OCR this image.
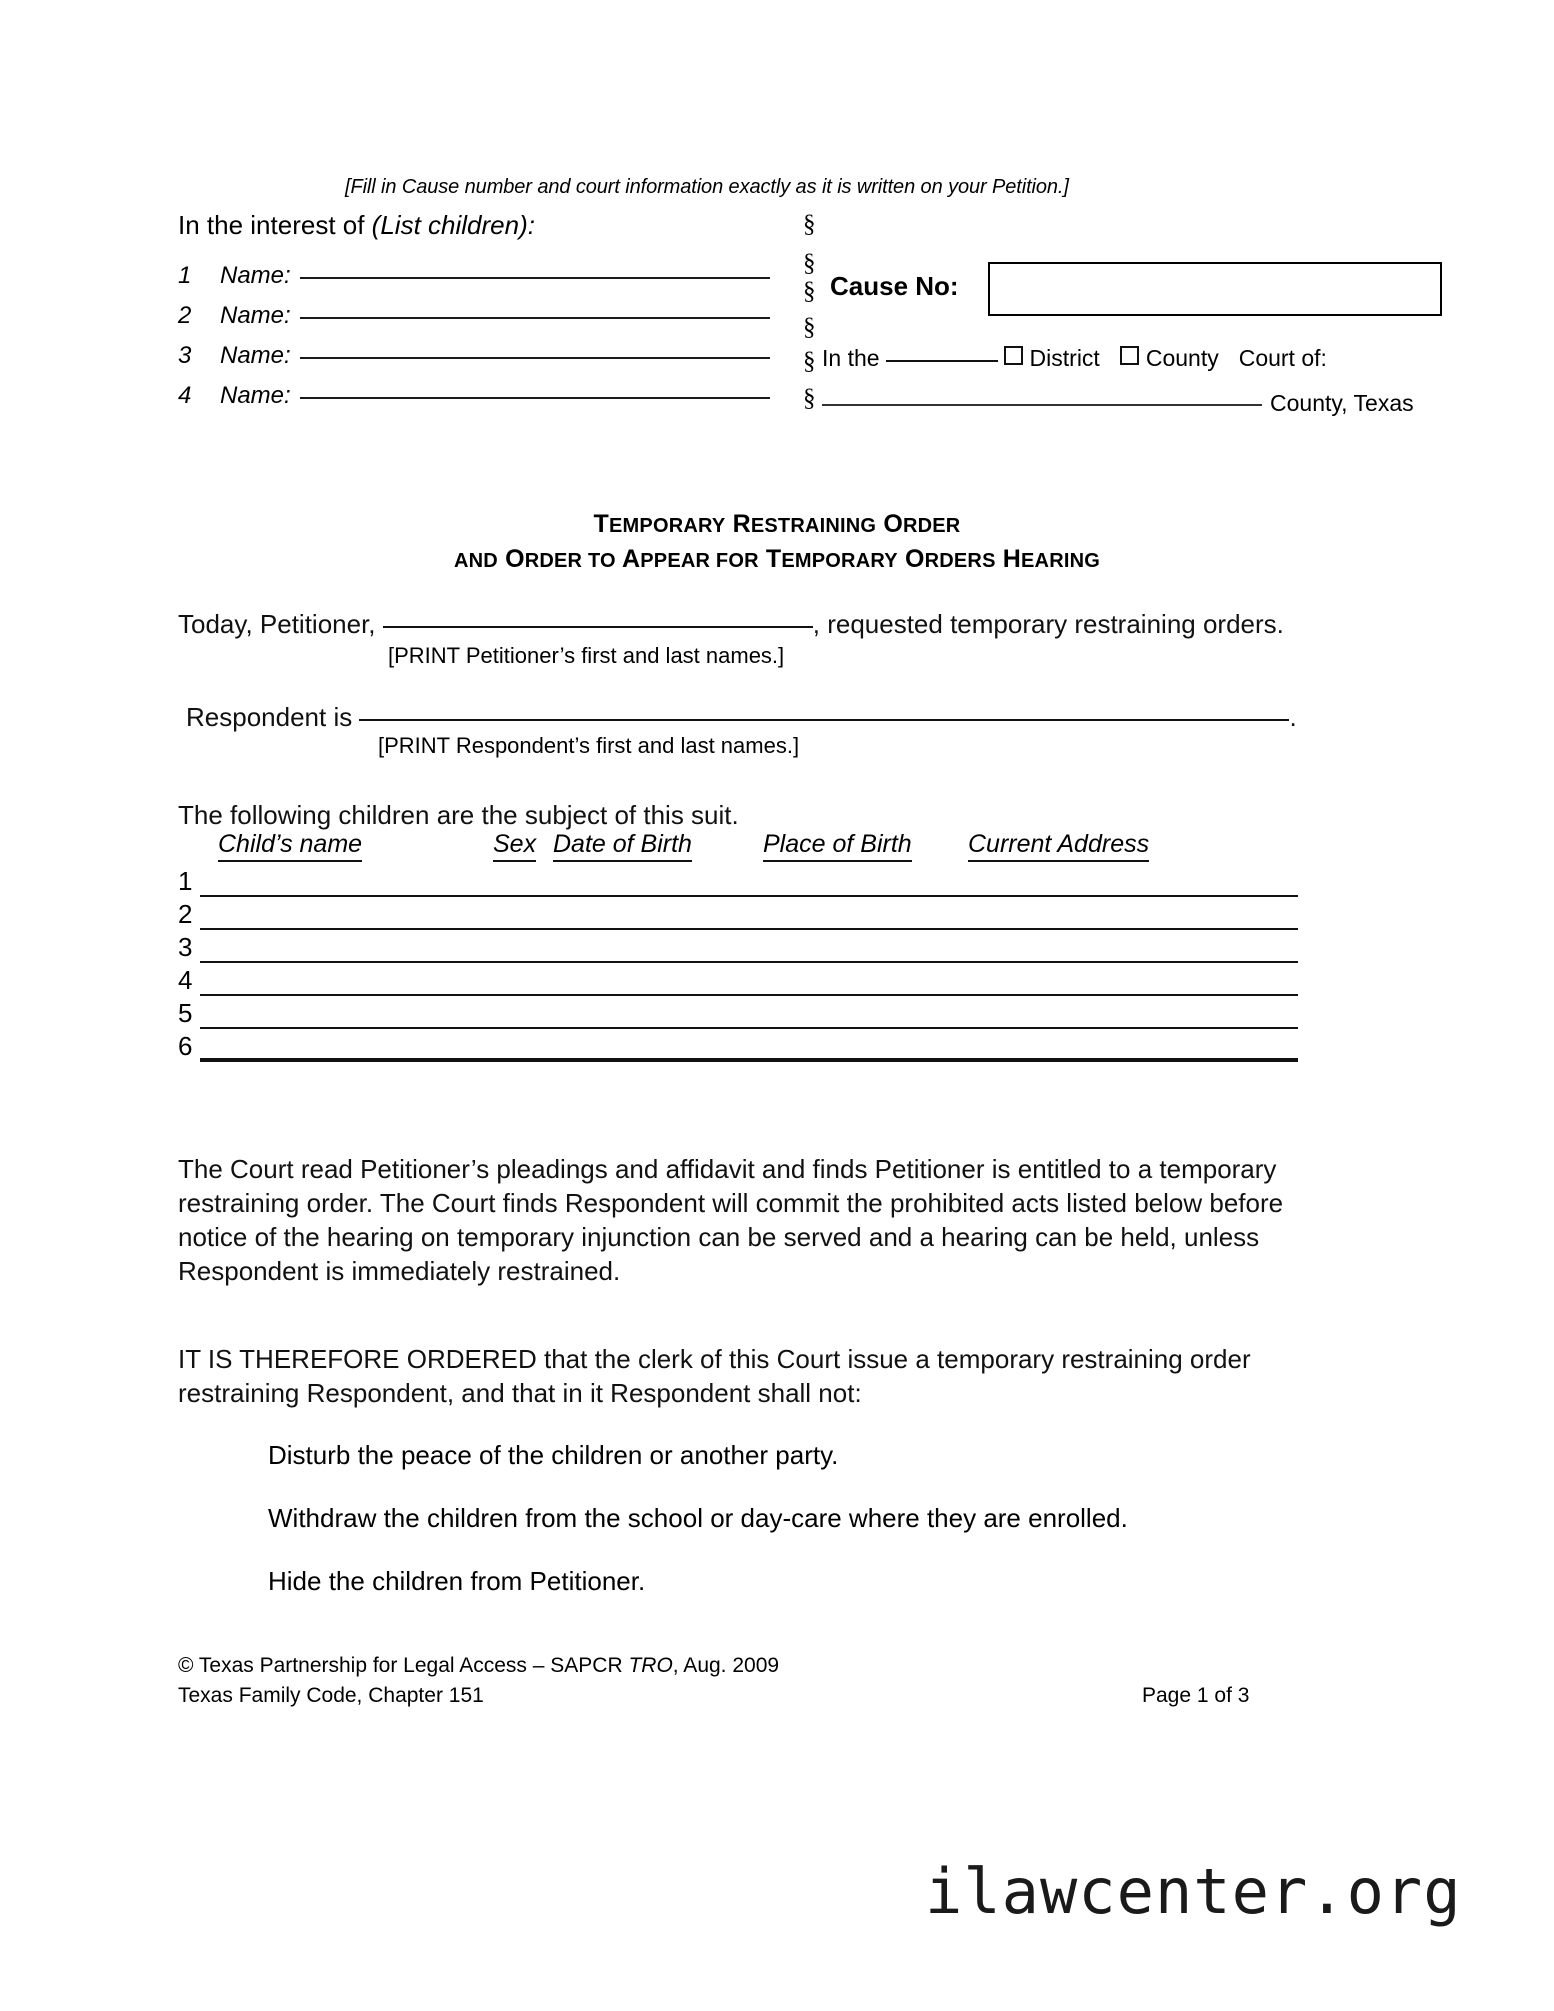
[Fill in Cause number and court information exactly as it is written on your Petition.]
In the interest of (List children):
1 Name:
2 Name:
3 Name:
4 Name:
§
§
§
§
§
§
Cause No:
In the	District County Court of:
County, Texas
TEMPORARY RESTRAINING ORDER
AND ORDER TO APPEAR FOR TEMPORARY ORDERS HEARING
Today, Petitioner,	, requested temporary restraining orders.
[PRINT Petitioner’s first and last names.]
Respondent is	.
[PRINT Respondent’s first and last names.]
The following children are the subject of this suit.
Child’s name	Sex Date of Birth	Place of Birth Current Address
1
2
3
4
5
6
The Court read Petitioner’s pleadings and affidavit and finds Petitioner is entitled to a temporary restraining order. The Court finds Respondent will commit the prohibited acts listed below before notice of the hearing on temporary injunction can be served and a hearing can be held, unless Respondent is immediately restrained.
IT IS THEREFORE ORDERED that the clerk of this Court issue a temporary restraining order restraining Respondent, and that in it Respondent shall not:
Disturb the peace of the children or another party.
Withdraw the children from the school or day-care where they are enrolled.
Hide the children from Petitioner.
© Texas Partnership for Legal Access – SAPCR TRO, Aug. 2009
Texas Family Code, Chapter 151	Page 1 of 3
ilawcenter.org
